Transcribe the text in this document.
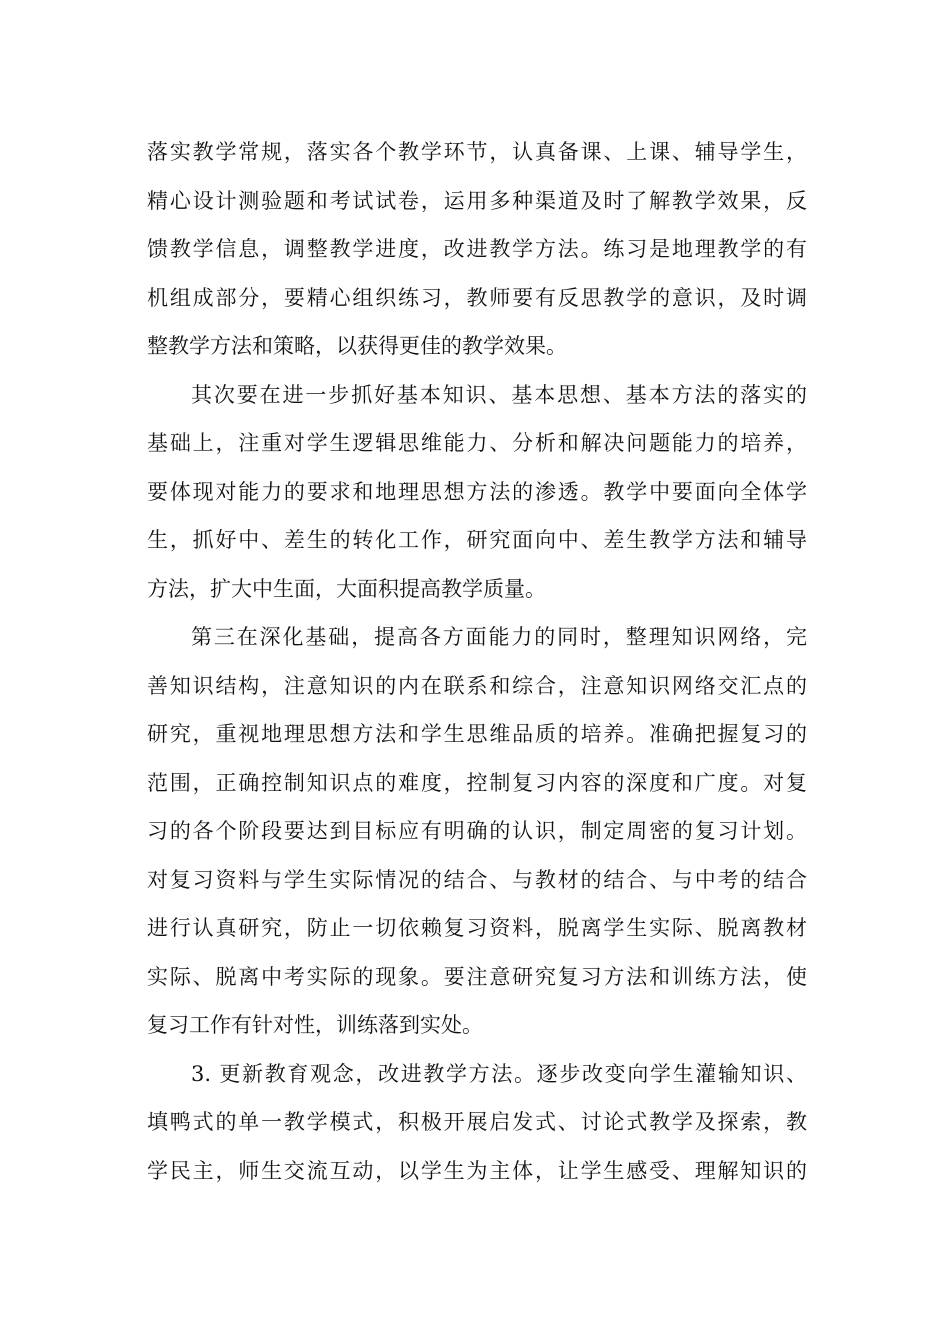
落实教学常规，落实各个教学环节，认真备课、上课、辅导学生，
精心设计测验题和考试试卷，运用多种渠道及时了解教学效果，反
馈教学信息，调整教学进度，改进教学方法。练习是地理教学的有
机组成部分，要精心组织练习，教师要有反思教学的意识，及时调
整教学方法和策略，以获得更佳的教学效果。
其次要在进一步抓好基本知识、基本思想、基本方法的落实的
基础上，注重对学生逻辑思维能力、分析和解决问题能力的培养，
要体现对能力的要求和地理思想方法的渗透。教学中要面向全体学
生，抓好中、差生的转化工作，研究面向中、差生教学方法和辅导
方法，扩大中生面，大面积提高教学质量。
第三在深化基础，提高各方面能力的同时，整理知识网络，完
善知识结构，注意知识的内在联系和综合，注意知识网络交汇点的
研究，重视地理思想方法和学生思维品质的培养。准确把握复习的
范围，正确控制知识点的难度，控制复习内容的深度和广度。对复
习的各个阶段要达到目标应有明确的认识，制定周密的复习计划。
对复习资料与学生实际情况的结合、与教材的结合、与中考的结合
进行认真研究，防止一切依赖复习资料，脱离学生实际、脱离教材
实际、脱离中考实际的现象。要注意研究复习方法和训练方法，使
复习工作有针对性，训练落到实处。
3. 更新教育观念，改进教学方法。逐步改变向学生灌输知识、
填鸭式的单一教学模式，积极开展启发式、讨论式教学及探索，教
学民主，师生交流互动，以学生为主体，让学生感受、理解知识的
